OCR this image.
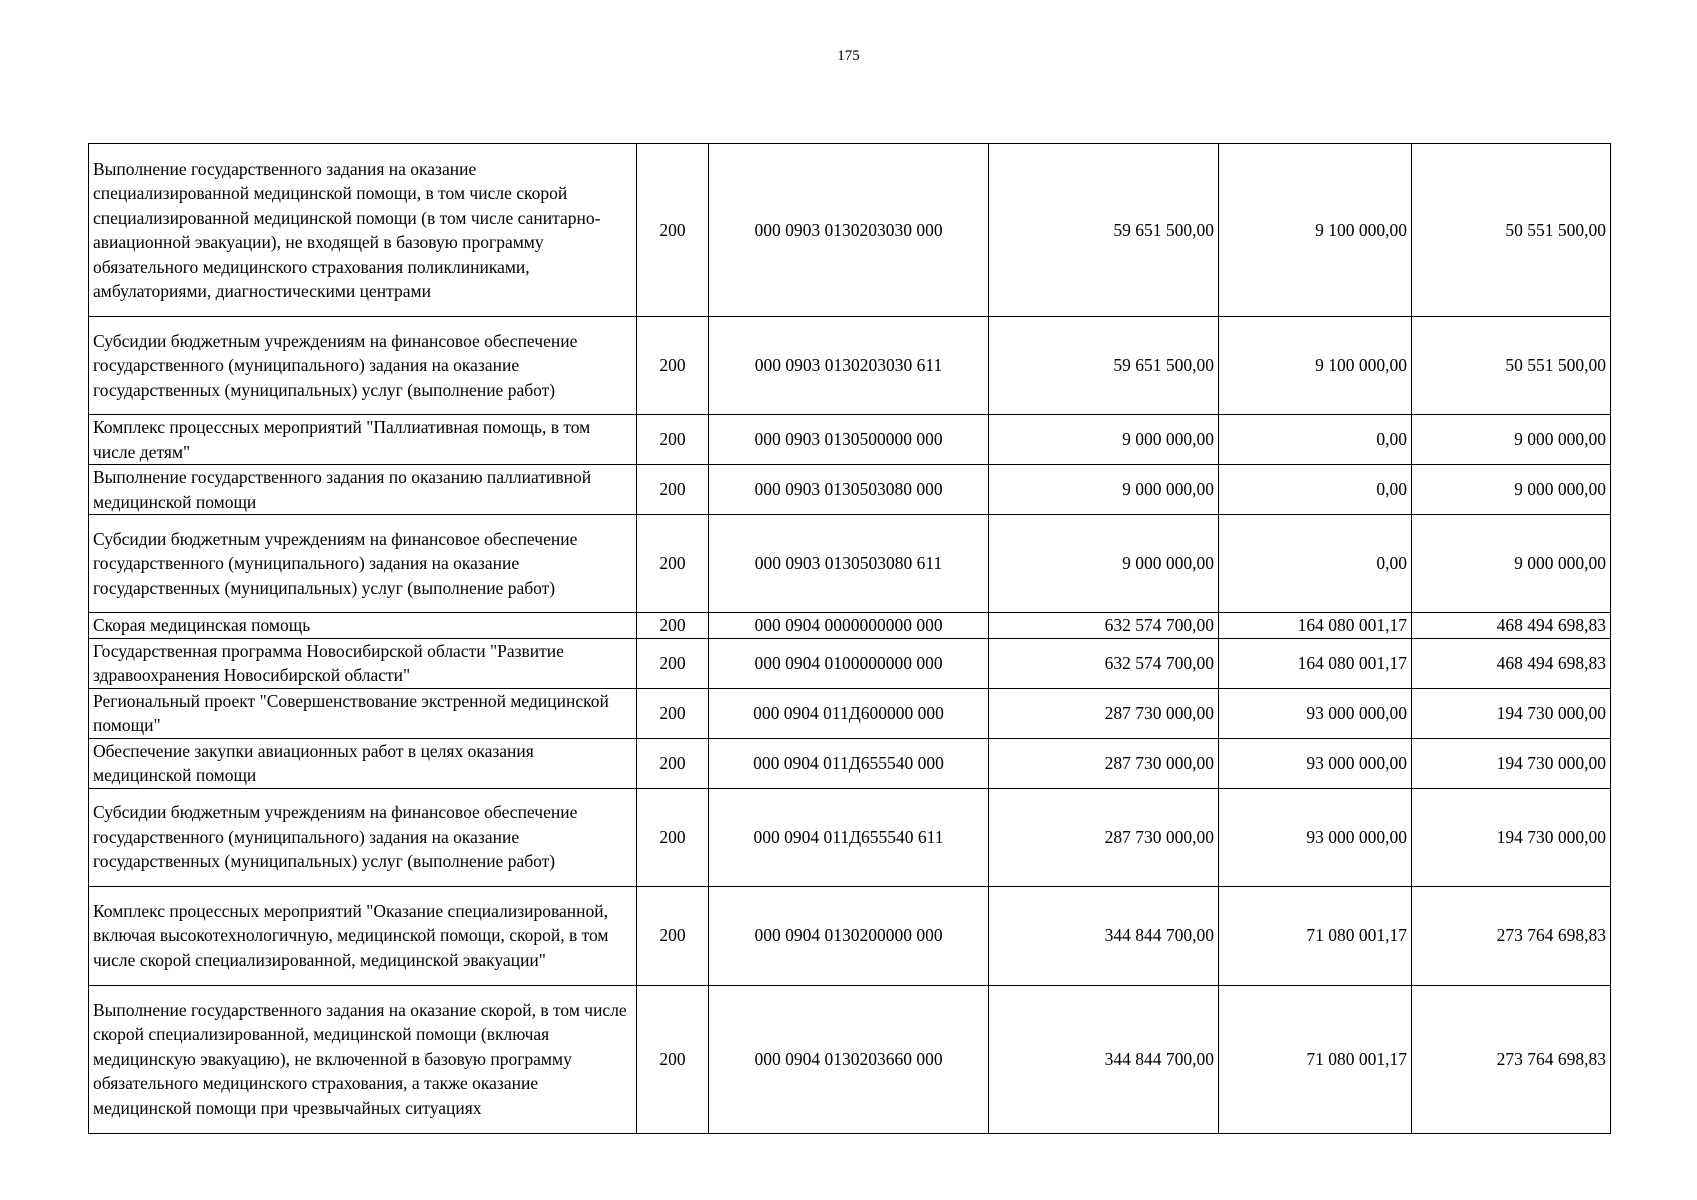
175
Выполнение государственного задания на оказание специализированной медицинской помощи, в том числе скорой специализированной медицинской помощи (в том числе санитарно-авиационной эвакуации), не входящей в базовую программу обязательного медицинского страхования поликлиниками, амбулаториями, диагностическими центрами	200	000 0903 0130203030 000	59 651 500,00	9 100 000,00	50 551 500,00
Субсидии бюджетным учреждениям на финансовое обеспечение государственного (муниципального) задания на оказание государственных (муниципальных) услуг (выполнение работ)	200	000 0903 0130203030 611	59 651 500,00	9 100 000,00	50 551 500,00
Комплекс процессных мероприятий "Паллиативная помощь, в том числе детям"	200	000 0903 0130500000 000	9 000 000,00	0,00	9 000 000,00
Выполнение государственного задания по оказанию паллиативной медицинской помощи	200	000 0903 0130503080 000	9 000 000,00	0,00	9 000 000,00
Субсидии бюджетным учреждениям на финансовое обеспечение государственного (муниципального) задания на оказание государственных (муниципальных) услуг (выполнение работ)	200	000 0903 0130503080 611	9 000 000,00	0,00	9 000 000,00
Скорая медицинская помощь	200	000 0904 0000000000 000	632 574 700,00	164 080 001,17	468 494 698,83
Государственная программа Новосибирской области "Развитие здравоохранения Новосибирской области"	200	000 0904 0100000000 000	632 574 700,00	164 080 001,17	468 494 698,83
Региональный проект "Совершенствование экстренной медицинской помощи"	200	000 0904 011Д600000 000	287 730 000,00	93 000 000,00	194 730 000,00
Обеспечение закупки авиационных работ в целях оказания медицинской помощи	200	000 0904 011Д655540 000	287 730 000,00	93 000 000,00	194 730 000,00
Субсидии бюджетным учреждениям на финансовое обеспечение государственного (муниципального) задания на оказание государственных (муниципальных) услуг (выполнение работ)	200	000 0904 011Д655540 611	287 730 000,00	93 000 000,00	194 730 000,00
Комплекс процессных мероприятий "Оказание специализированной, включая высокотехнологичную, медицинской помощи, скорой, в том числе скорой специализированной, медицинской эвакуации"	200	000 0904 0130200000 000	344 844 700,00	71 080 001,17	273 764 698,83
Выполнение государственного задания на оказание скорой, в том числе скорой специализированной, медицинской помощи (включая медицинскую эвакуацию), не включенной в базовую программу обязательного медицинского страхования, а также оказание медицинской помощи при чрезвычайных ситуациях	200	000 0904 0130203660 000	344 844 700,00	71 080 001,17	273 764 698,83
